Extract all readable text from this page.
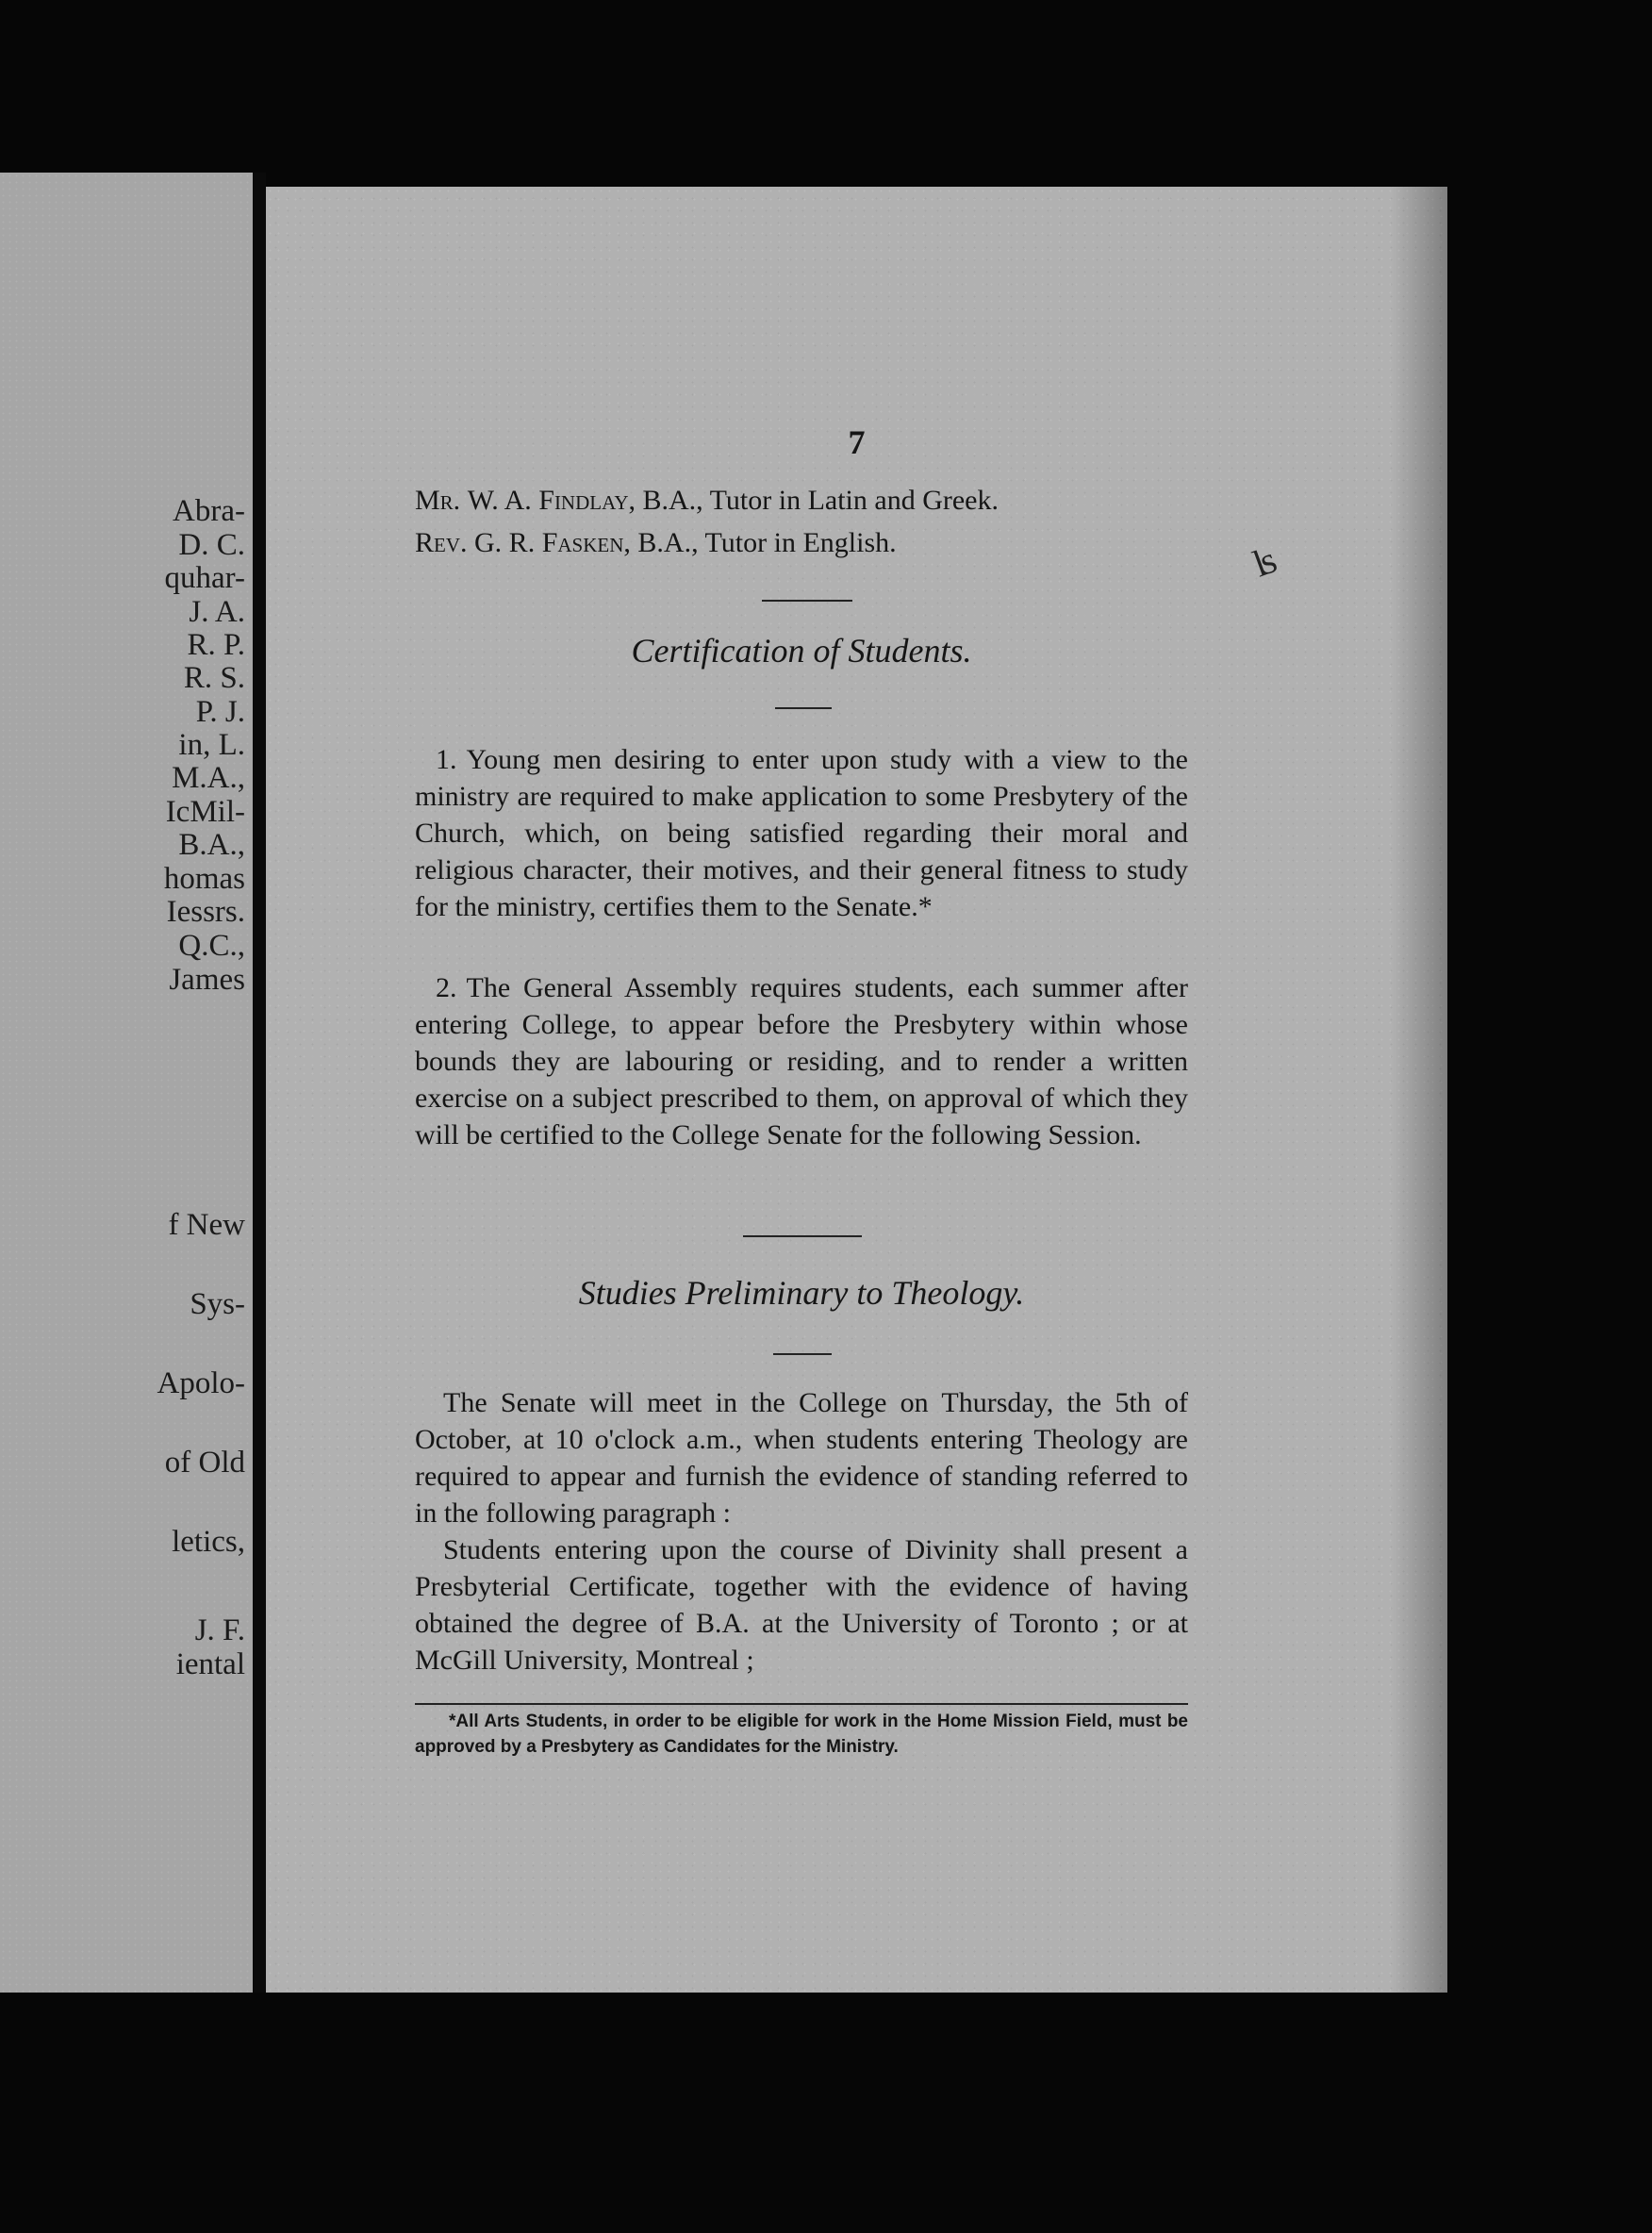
Abra-
D. C.
quhar-
J. A.
R. P.
R. S.
P. J.
in, L.
M.A.,
IcMil-
B.A.,
homas
Iessrs.
Q.C.,
James
f New
Sys-
Apolo-
of Old
letics,
J. F.
iental
7
Mr. W. A. Findlay, B.A., Tutor in Latin and Greek.
Rev. G. R. Fasken, B.A., Tutor in English.
Certification of Students.

1. Young men desiring to enter upon study with a view to the ministry are required to make application to some Presbytery of the Church, which, on being satisfied regarding their moral and religious character, their motives, and their general fitness to study for the ministry, certifies them to the Senate.*

2. The General Assembly requires students, each summer after entering College, to appear before the Presbytery within whose bounds they are labouring or residing, and to render a written exercise on a subject prescribed to them, on approval of which they will be certified to the College Senate for the following Session.

Studies Preliminary to Theology.

The Senate will meet in the College on Thursday, the 5th of October, at 10 o'clock a.m., when students entering Theology are required to appear and furnish the evidence of standing referred to in the following paragraph :

Students entering upon the course of Divinity shall present a Presbyterial Certificate, together with the evidence of having obtained the degree of B.A. at the University of Toronto ; or at McGill University, Montreal ;

*All Arts Students, in order to be eligible for work in the Home Mission Field, must be approved by a Presbytery as Candidates for the Ministry.

ʪ
